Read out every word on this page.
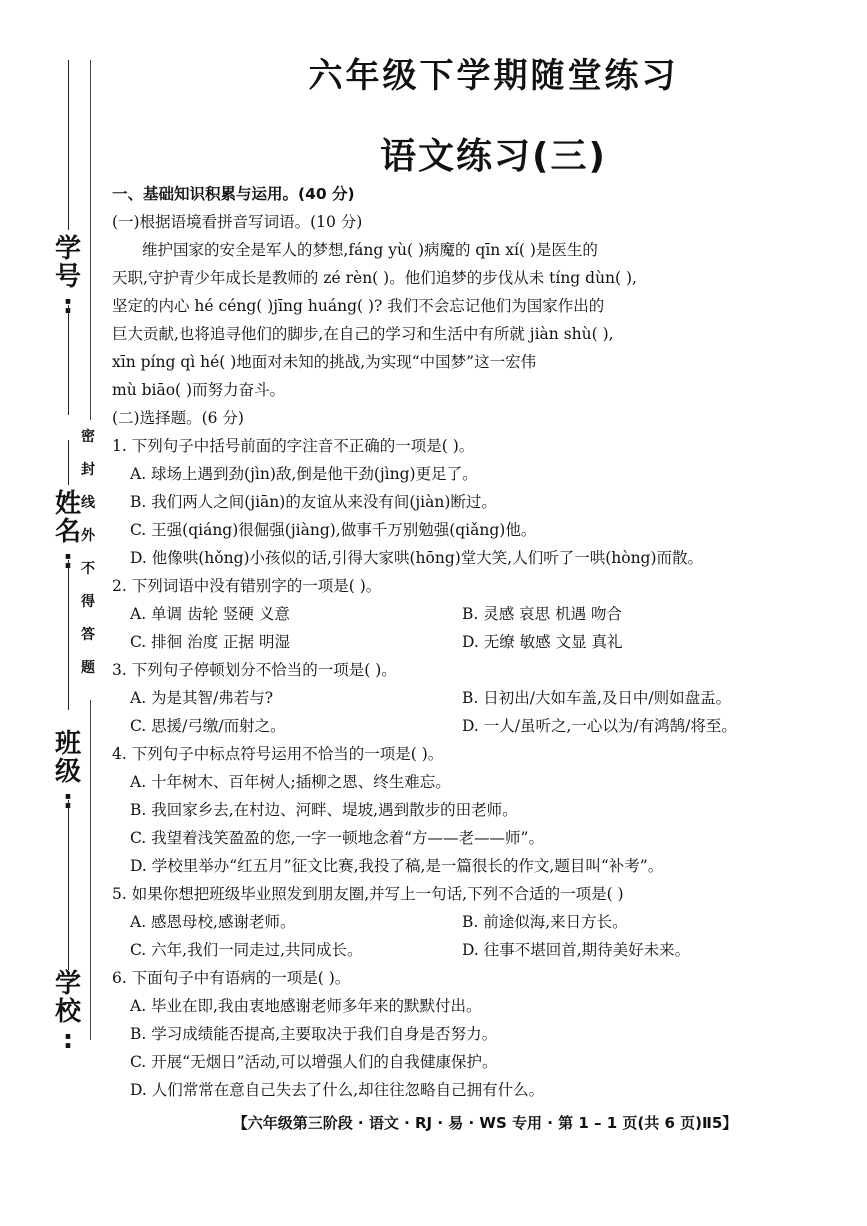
学
号
:
姓
名
:
班
级
:
学
校
:
密
封
线
外
不
得
答
题
六年级下学期随堂练习
语文练习(三)
一、基础知识积累与运用。(40 分)
(一)根据语境看拼音写词语。(10 分)
维护国家的安全是军人的梦想,fáng yù( )病魔的 qīn xí( )是医生的
天职,守护青少年成长是教师的 zé rèn( )。他们追梦的步伐从未 tíng dùn( ),
坚定的内心 hé céng( )jīng huáng( )? 我们不会忘记他们为国家作出的
巨大贡献,也将追寻他们的脚步,在自己的学习和生活中有所就 jiàn shù( ),
xīn píng qì hé( )地面对未知的挑战,为实现“中国梦”这一宏伟
mù biāo( )而努力奋斗。
(二)选择题。(6 分)
1. 下列句子中括号前面的字注音不正确的一项是( )。
A. 球场上遇到劲(jìn)敌,倒是他干劲(jìng)更足了。
B. 我们两人之间(jiān)的友谊从来没有间(jiàn)断过。
C. 王强(qiáng)很倔强(jiàng),做事千万别勉强(qiǎng)他。
D. 他像哄(hǒng)小孩似的话,引得大家哄(hōng)堂大笑,人们听了一哄(hòng)而散。
2. 下列词语中没有错别字的一项是( )。
A. 单调 齿轮 竖硬 义意	B. 灵感 哀思 机遇 吻合
C. 排徊 治度 正据 明湿	D. 无缭 敏感 文显 真礼
3. 下列句子停顿划分不恰当的一项是( )。
A. 为是其智/弗若与?	B. 日初出/大如车盖,及日中/则如盘盂。
C. 思援/弓缴/而射之。	D. 一人/虽听之,一心以为/有鸿鹄/将至。
4. 下列句子中标点符号运用不恰当的一项是( )。
A. 十年树木、百年树人;插柳之恩、终生难忘。
B. 我回家乡去,在村边、河畔、堤坡,遇到散步的田老师。
C. 我望着浅笑盈盈的您,一字一顿地念着“方——老——师”。
D. 学校里举办“红五月”征文比赛,我投了稿,是一篇很长的作文,题目叫“补考”。
5. 如果你想把班级毕业照发到朋友圈,并写上一句话,下列不合适的一项是( )
A. 感恩母校,感谢老师。	B. 前途似海,来日方长。
C. 六年,我们一同走过,共同成长。	D. 往事不堪回首,期待美好未来。
6. 下面句子中有语病的一项是( )。
A. 毕业在即,我由衷地感谢老师多年来的默默付出。
B. 学习成绩能否提高,主要取决于我们自身是否努力。
C. 开展“无烟日”活动,可以增强人们的自我健康保护。
D. 人们常常在意自己失去了什么,却往往忽略自己拥有什么。
【六年级第三阶段 · 语文 · RJ · 易 · WS 专用 · 第 1 – 1 页(共 6 页)Ⅱ5】
